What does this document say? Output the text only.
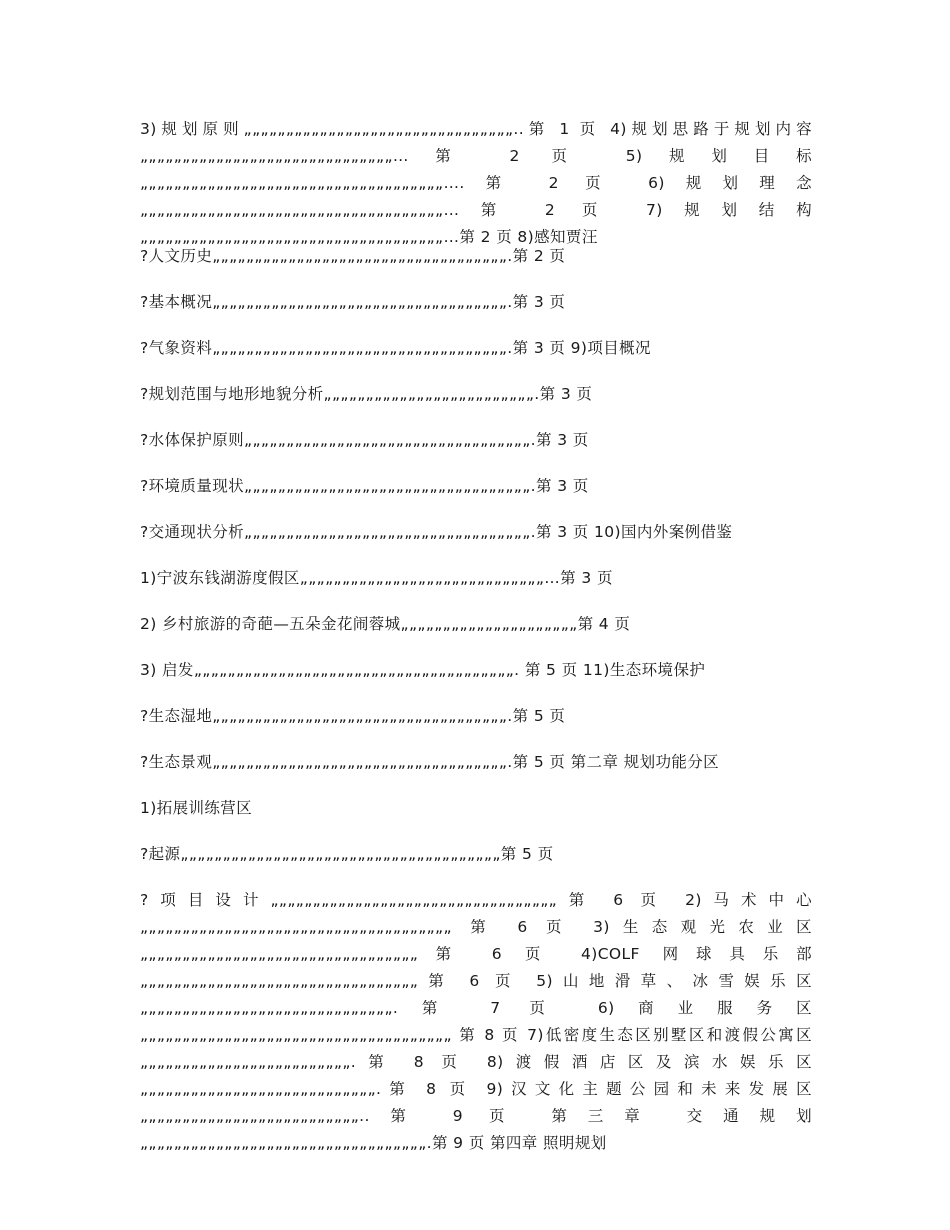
3)规划原则„„„„„„„„„„„„„„„„„„„„„„„„„„„„„„„„..第 1 页 4)规划思路于规划内容„„„„„„„„„„„„„„„„„„„„„„„„„„„„„„…第 2 页 5)规划目标„„„„„„„„„„„„„„„„„„„„„„„„„„„„„„„„„„„„….第 2 页 6)规划理念„„„„„„„„„„„„„„„„„„„„„„„„„„„„„„„„„„„„…第 2 页 7)规划结构„„„„„„„„„„„„„„„„„„„„„„„„„„„„„„„„„„„„…第 2 页 8)感知贾汪

?人文历史„„„„„„„„„„„„„„„„„„„„„„„„„„„„„„„„„„„.第 2 页

?基本概况„„„„„„„„„„„„„„„„„„„„„„„„„„„„„„„„„„„.第 3 页

?气象资料„„„„„„„„„„„„„„„„„„„„„„„„„„„„„„„„„„„.第 3 页 9)项目概况

?规划范围与地形地貌分析„„„„„„„„„„„„„„„„„„„„„„„„„.第 3 页

?水体保护原则„„„„„„„„„„„„„„„„„„„„„„„„„„„„„„„„„„.第 3 页

?环境质量现状„„„„„„„„„„„„„„„„„„„„„„„„„„„„„„„„„„.第 3 页

?交通现状分析„„„„„„„„„„„„„„„„„„„„„„„„„„„„„„„„„„.第 3 页 10)国内外案例借鉴

1)宁波东钱湖游度假区„„„„„„„„„„„„„„„„„„„„„„„„„„„„„…第 3 页

2) 乡村旅游的奇葩—五朵金花闹蓉城„„„„„„„„„„„„„„„„„„„„„第 4 页

3) 启发„„„„„„„„„„„„„„„„„„„„„„„„„„„„„„„„„„„„„„. 第 5 页 11)生态环境保护

?生态湿地„„„„„„„„„„„„„„„„„„„„„„„„„„„„„„„„„„„.第 5 页

?生态景观„„„„„„„„„„„„„„„„„„„„„„„„„„„„„„„„„„„.第 5 页 第二章 规划功能分区

1)拓展训练营区

?起源„„„„„„„„„„„„„„„„„„„„„„„„„„„„„„„„„„„„„„第 5 页

?项目设计„„„„„„„„„„„„„„„„„„„„„„„„„„„„„„„„„„第 6 页 2)马术中心„„„„„„„„„„„„„„„„„„„„„„„„„„„„„„„„„„„„„ 第 6 页 3)生态观光农业区„„„„„„„„„„„„„„„„„„„„„„„„„„„„„„„„„第 6 页 4)COLF 网球具乐部„„„„„„„„„„„„„„„„„„„„„„„„„„„„„„„„„第 6 页 5)山地滑草、冰雪娱乐区„„„„„„„„„„„„„„„„„„„„„„„„„„„„„„.第 7 页 6)商业服务区„„„„„„„„„„„„„„„„„„„„„„„„„„„„„„„„„„„„„ 第 8 页 7)低密度生态区别墅区和渡假公寓区„„„„„„„„„„„„„„„„„„„„„„„„„.第 8 页 8)渡假酒店区及滨水娱乐区„„„„„„„„„„„„„„„„„„„„„„„„„„„„.第 8 页 9)汉文化主题公园和未来发展区„„„„„„„„„„„„„„„„„„„„„„„„„„..第 9 页 第三章 交通规划„„„„„„„„„„„„„„„„„„„„„„„„„„„„„„„„„„.第 9 页 第四章 照明规划
